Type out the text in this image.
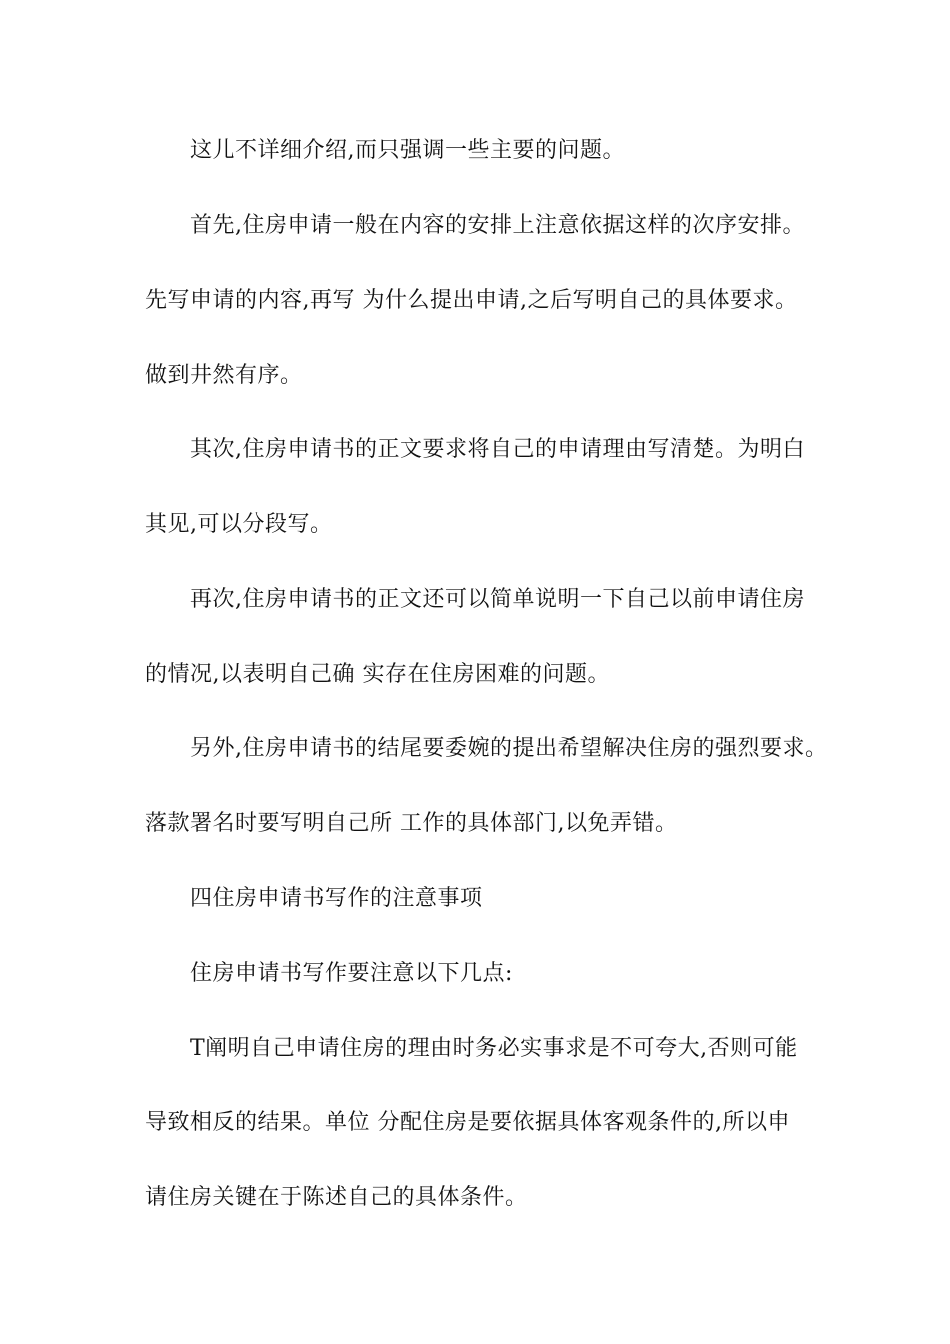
这儿不详细介绍,而只强调一些主要的问题。
首先,住房申请一般在内容的安排上注意依据这样的次序安排。
先写申请的内容,再写 为什么提出申请,之后写明自己的具体要求。
做到井然有序。
其次,住房申请书的正文要求将自己的申请理由写清楚。为明白
其见,可以分段写。
再次,住房申请书的正文还可以简单说明一下自己以前申请住房
的情况,以表明自己确 实存在住房困难的问题。
另外,住房申请书的结尾要委婉的提出希望解决住房的强烈要求。
落款署名时要写明自己所 工作的具体部门,以免弄错。
四住房申请书写作的注意事项
住房申请书写作要注意以下几点:
T阐明自己申请住房的理由时务必实事求是不可夸大,否则可能
导致相反的结果。单位 分配住房是要依据具体客观条件的,所以申
请住房关键在于陈述自己的具体条件。
